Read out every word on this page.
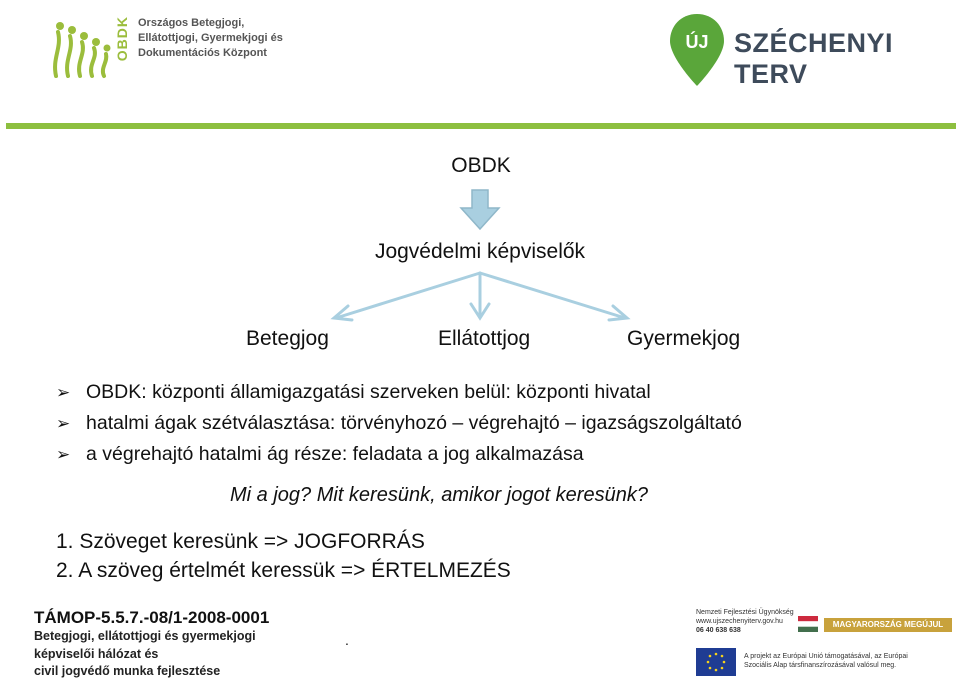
OBDK Országos Betegjogi,
Ellátottjogi, Gyermekjogi és
Dokumentációs Központ
ÚJ SZÉCHENYI TERV
OBDK
Jogvédelmi képviselők
Betegjog	Ellátottjog	Gyermekjog
➢ OBDK: központi államigazgatási szerveken belül: központi hivatal
➢ hatalmi ágak szétválasztása: törvényhozó – végrehajtó – igazságszolgáltató
➢ a végrehajtó hatalmi ág része: feladata a jog alkalmazása
Mi a jog? Mit keresünk, amikor jogot keresünk?
1. Szöveget keresünk => JOGFORRÁS
2. A szöveg értelmét keressük => ÉRTELMEZÉS
TÁMOP-5.5.7.-08/1-2008-0001
Betegjogi, ellátottjogi és gyermekjogi
képviselői hálózat és
civil jogvédő munka fejlesztése
.
Nemzeti Fejlesztési Ügynökség
www.ujszechenyiterv.gov.hu
06 40 638 638
MAGYARORSZÁG MEGÚJUL
A projekt az Európai Unió támogatásával, az Európai
Szociális Alap társfinanszírozásával valósul meg.
